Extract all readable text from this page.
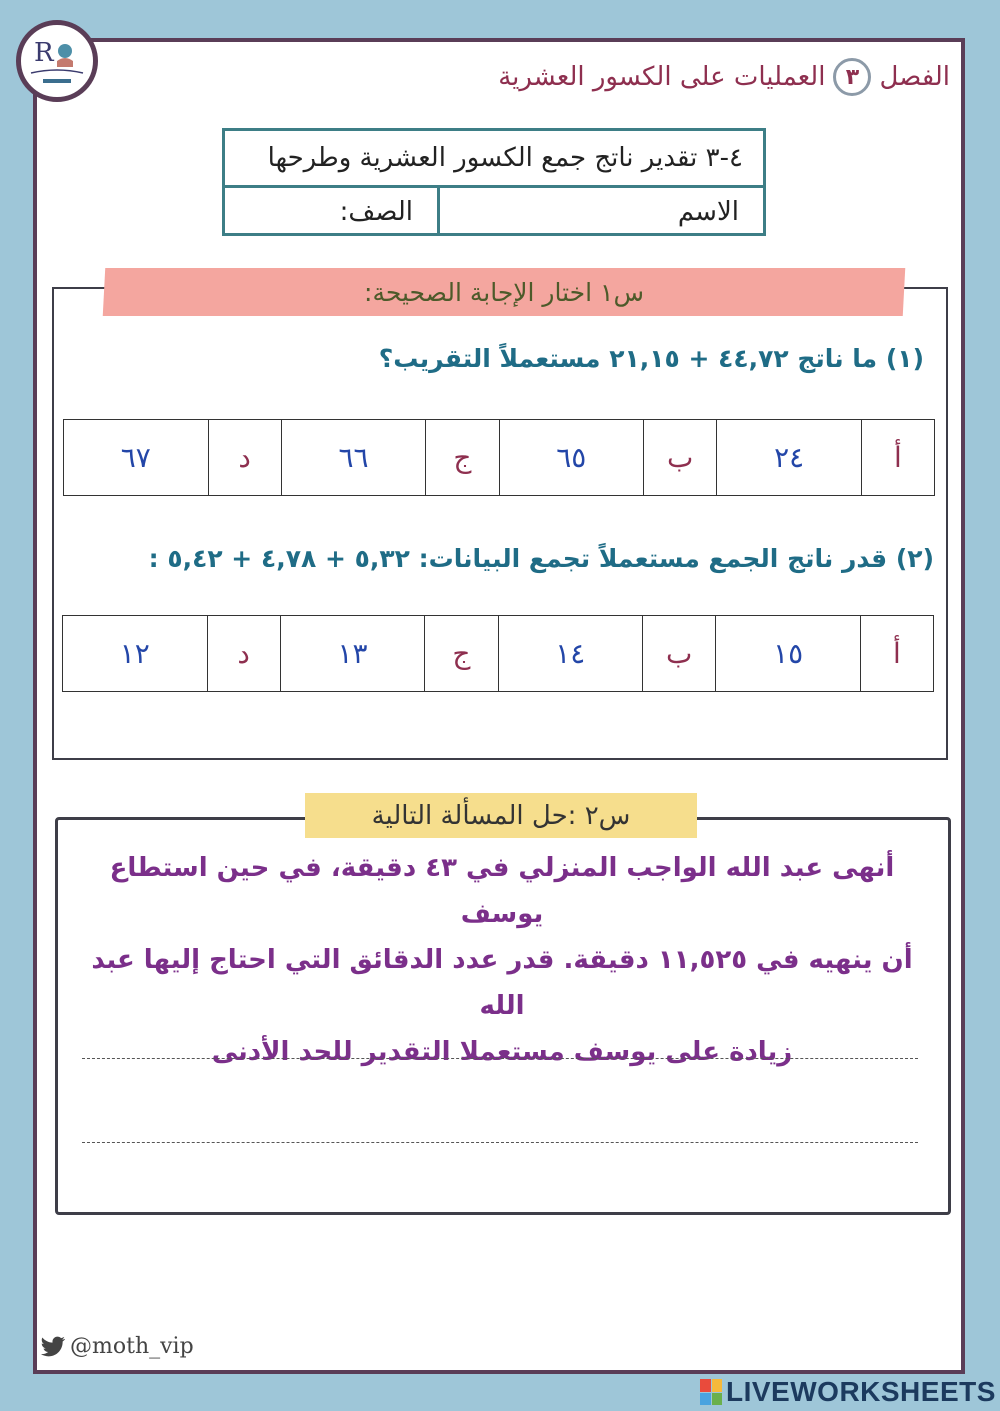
R
الفصل
٣
العمليات على الكسور العشرية
٤-٣ تقدير ناتج جمع الكسور العشرية وطرحها
الاسم
الصف:
س١ اختار الإجابة الصحيحة:
(١) ما ناتج ٤٤,٧٢ + ٢١,١٥ مستعملاً التقريب؟
أ	٢٤	ب	٦٥	ج	٦٦	د	٦٧
(٢) قدر ناتج الجمع مستعملاً تجمع البيانات: ٥,٣٢ + ٤,٧٨ + ٥,٤٢ :
أ	١٥	ب	١٤	ج	١٣	د	١٢
س٢ :حل المسألة التالية
أنهى عبد الله الواجب المنزلي في ٤٣ دقيقة، في حين استطاع يوسف
أن ينهيه في ١١,٥٢٥ دقيقة. قدر عدد الدقائق التي احتاج إليها عبد الله
زيادة على يوسف مستعملا التقدير للحد الأدنى
@moth_vip
LIVEWORKSHEETS
